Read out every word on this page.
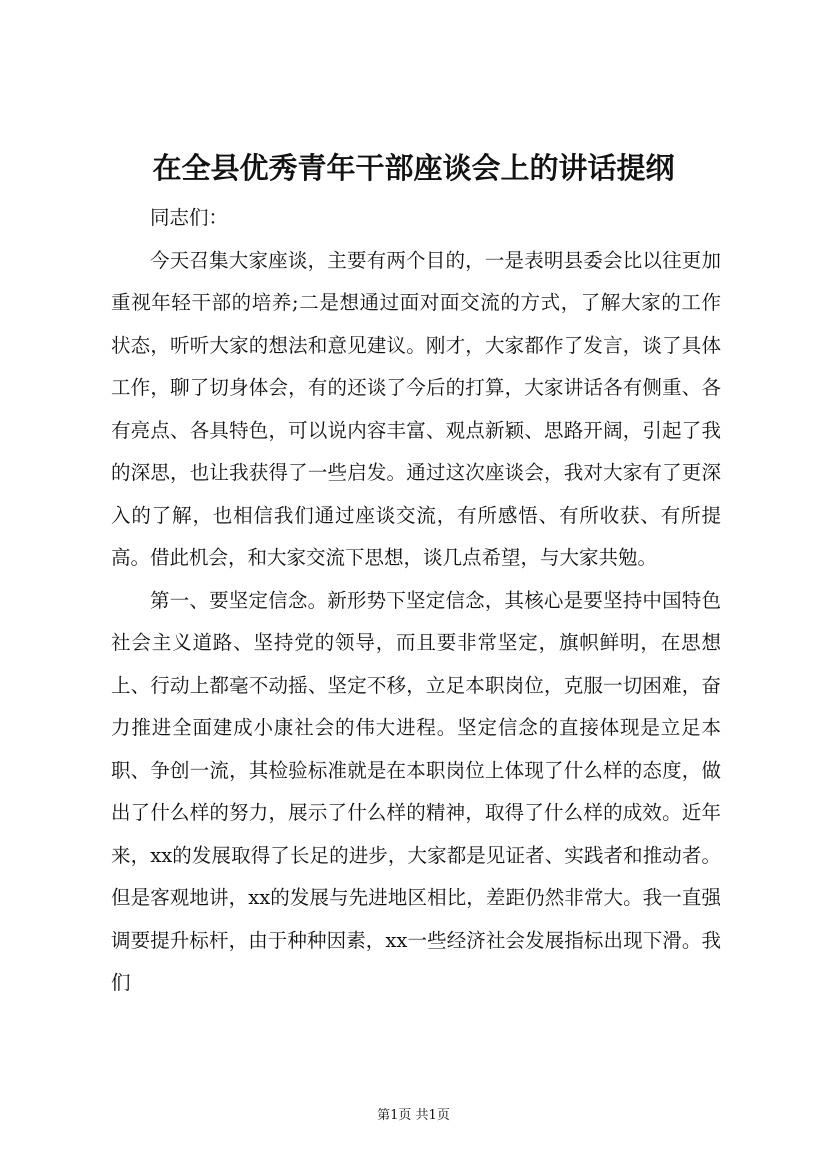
在全县优秀青年干部座谈会上的讲话提纲

同志们：

今天召集大家座谈，主要有两个目的，一是表明县委会比以往更加重视年轻干部的培养;二是想通过面对面交流的方式，了解大家的工作状态，听听大家的想法和意见建议。刚才，大家都作了发言，谈了具体工作，聊了切身体会，有的还谈了今后的打算，大家讲话各有侧重、各有亮点、各具特色，可以说内容丰富、观点新颖、思路开阔，引起了我的深思，也让我获得了一些启发。通过这次座谈会，我对大家有了更深入的了解，也相信我们通过座谈交流，有所感悟、有所收获、有所提高。借此机会，和大家交流下思想，谈几点希望，与大家共勉。

第一、要坚定信念。新形势下坚定信念，其核心是要坚持中国特色社会主义道路、坚持党的领导，而且要非常坚定，旗帜鲜明，在思想上、行动上都毫不动摇、坚定不移，立足本职岗位，克服一切困难，奋力推进全面建成小康社会的伟大进程。坚定信念的直接体现是立足本职、争创一流，其检验标准就是在本职岗位上体现了什么样的态度，做出了什么样的努力，展示了什么样的精神，取得了什么样的成效。近年来，xx的发展取得了长足的进步，大家都是见证者、实践者和推动者。但是客观地讲，xx的发展与先进地区相比，差距仍然非常大。我一直强调要提升标杆，由于种种因素，xx一些经济社会发展指标出现下滑。我们

第1页 共1页
